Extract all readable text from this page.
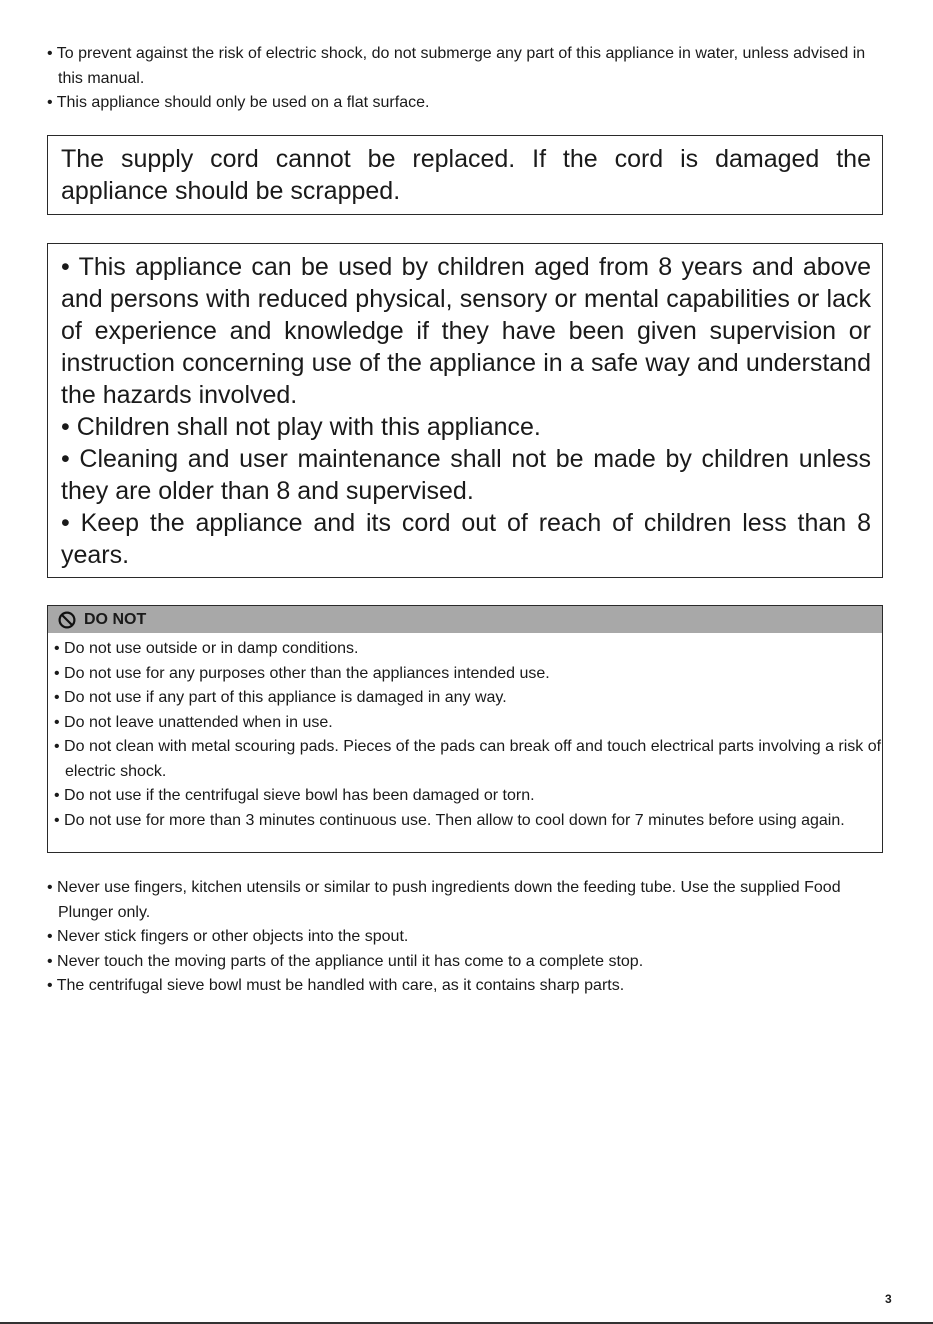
• To prevent against the risk of electric shock, do not submerge any part of this appliance in water, unless advised in this manual.
• This appliance should only be used on a flat surface.

The supply cord cannot be replaced. If the cord is damaged the appliance should be scrapped.

• This appliance can be used by children aged from 8 years and above and persons with reduced physical, sensory or mental capabilities or lack of experience and knowledge if they have been given supervision or instruction concerning use of the appliance in a safe way and understand the hazards involved.

• Children shall not play with this appliance.

• Cleaning and user maintenance shall not be made by children unless they are older than 8 and supervised.

• Keep the appliance and its cord out of reach of children less than 8 years.

DO NOT
• Do not use outside or in damp conditions.
• Do not use for any purposes other than the appliances intended use.
• Do not use if any part of this appliance is damaged in any way.
• Do not leave unattended when in use.
• Do not clean with metal scouring pads. Pieces of the pads can break off and touch electrical parts involving a risk of electric shock.
• Do not use if the centrifugal sieve bowl has been damaged or torn.
• Do not use for more than 3 minutes continuous use. Then allow to cool down for 7 minutes before using again.
• Never use fingers, kitchen utensils or similar to push ingredients down the feeding tube. Use the supplied Food Plunger only.
• Never stick fingers or other objects into the spout.
• Never touch the moving parts of the appliance until it has come to a complete stop.
• The centrifugal sieve bowl must be handled with care, as it contains sharp parts.
3
